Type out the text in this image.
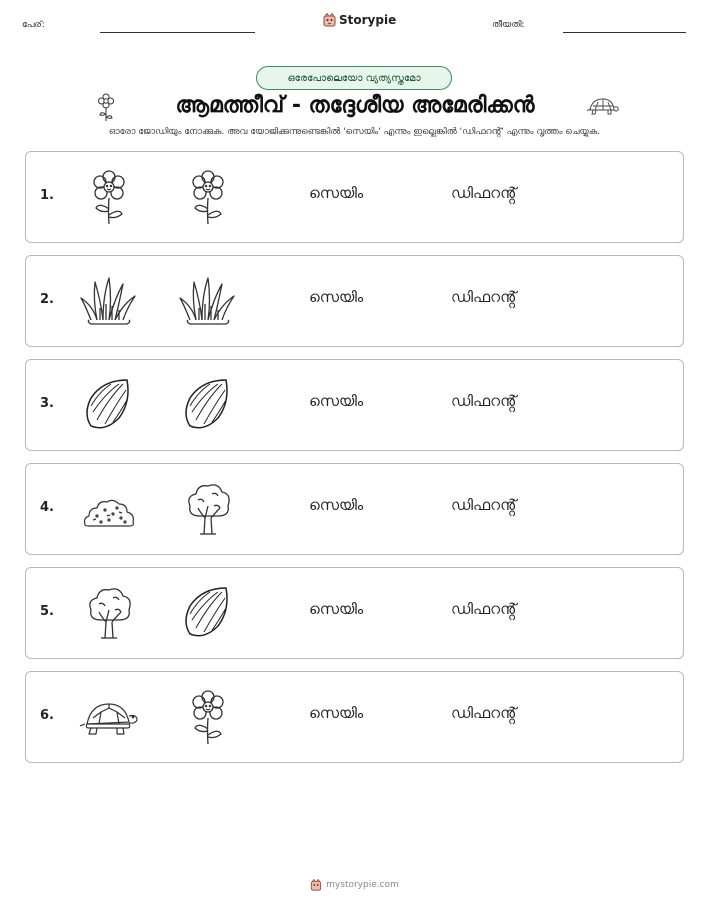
പേര്:	Storypie	തീയതി:
ഒരേപോലെയോ വ്യത്യസ്തമോ
ആമത്തീവ് - തദ്ദേശീയ അമേരിക്കൻ
ഓരോ ജോഡിയും നോക്കുക. അവ യോജിക്കുന്നുണ്ടെങ്കിൽ 'സെയിം' എന്നും ഇല്ലെങ്കിൽ 'ഡിഫറൻ്റ്' എന്നും വൃത്തം ചെയ്യുക.
1.	സെയിം	ഡിഫറൻ്റ്
2.	സെയിം	ഡിഫറൻ്റ്
3.	സെയിം	ഡിഫറൻ്റ്
4.	സെയിം	ഡിഫറൻ്റ്
5.	സെയിം	ഡിഫറൻ്റ്
6.	സെയിം	ഡിഫറൻ്റ്
mystorypie.com
